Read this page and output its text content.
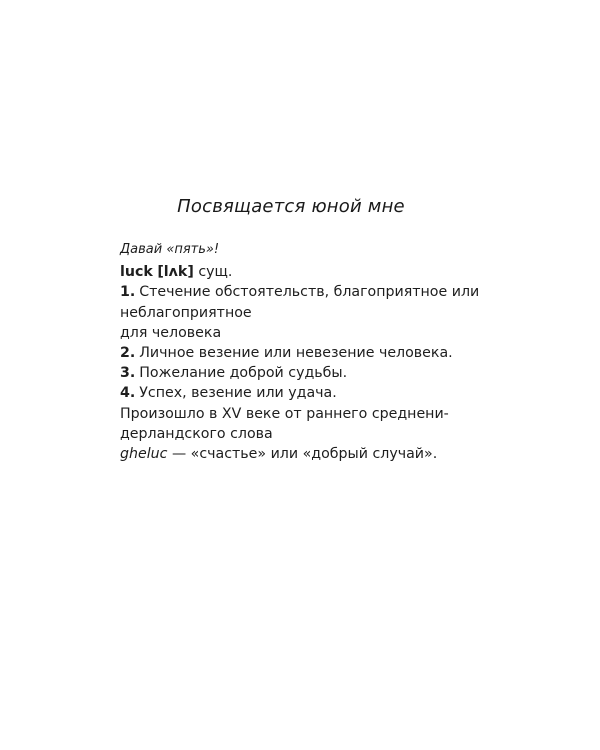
Посвящается юной мне
Давай «пять»!
luck [lʌk] сущ.
1. Стечение обстоятельств, благоприятное или
неблагоприятное
для человека
2. Личное везение или невезение человека.
3. Пожелание доброй судьбы.
4. Успех, везение или удача.
Произошло в XV веке от раннего среднени-
дерландского слова
gheluc — «счастье» или «добрый случай».
